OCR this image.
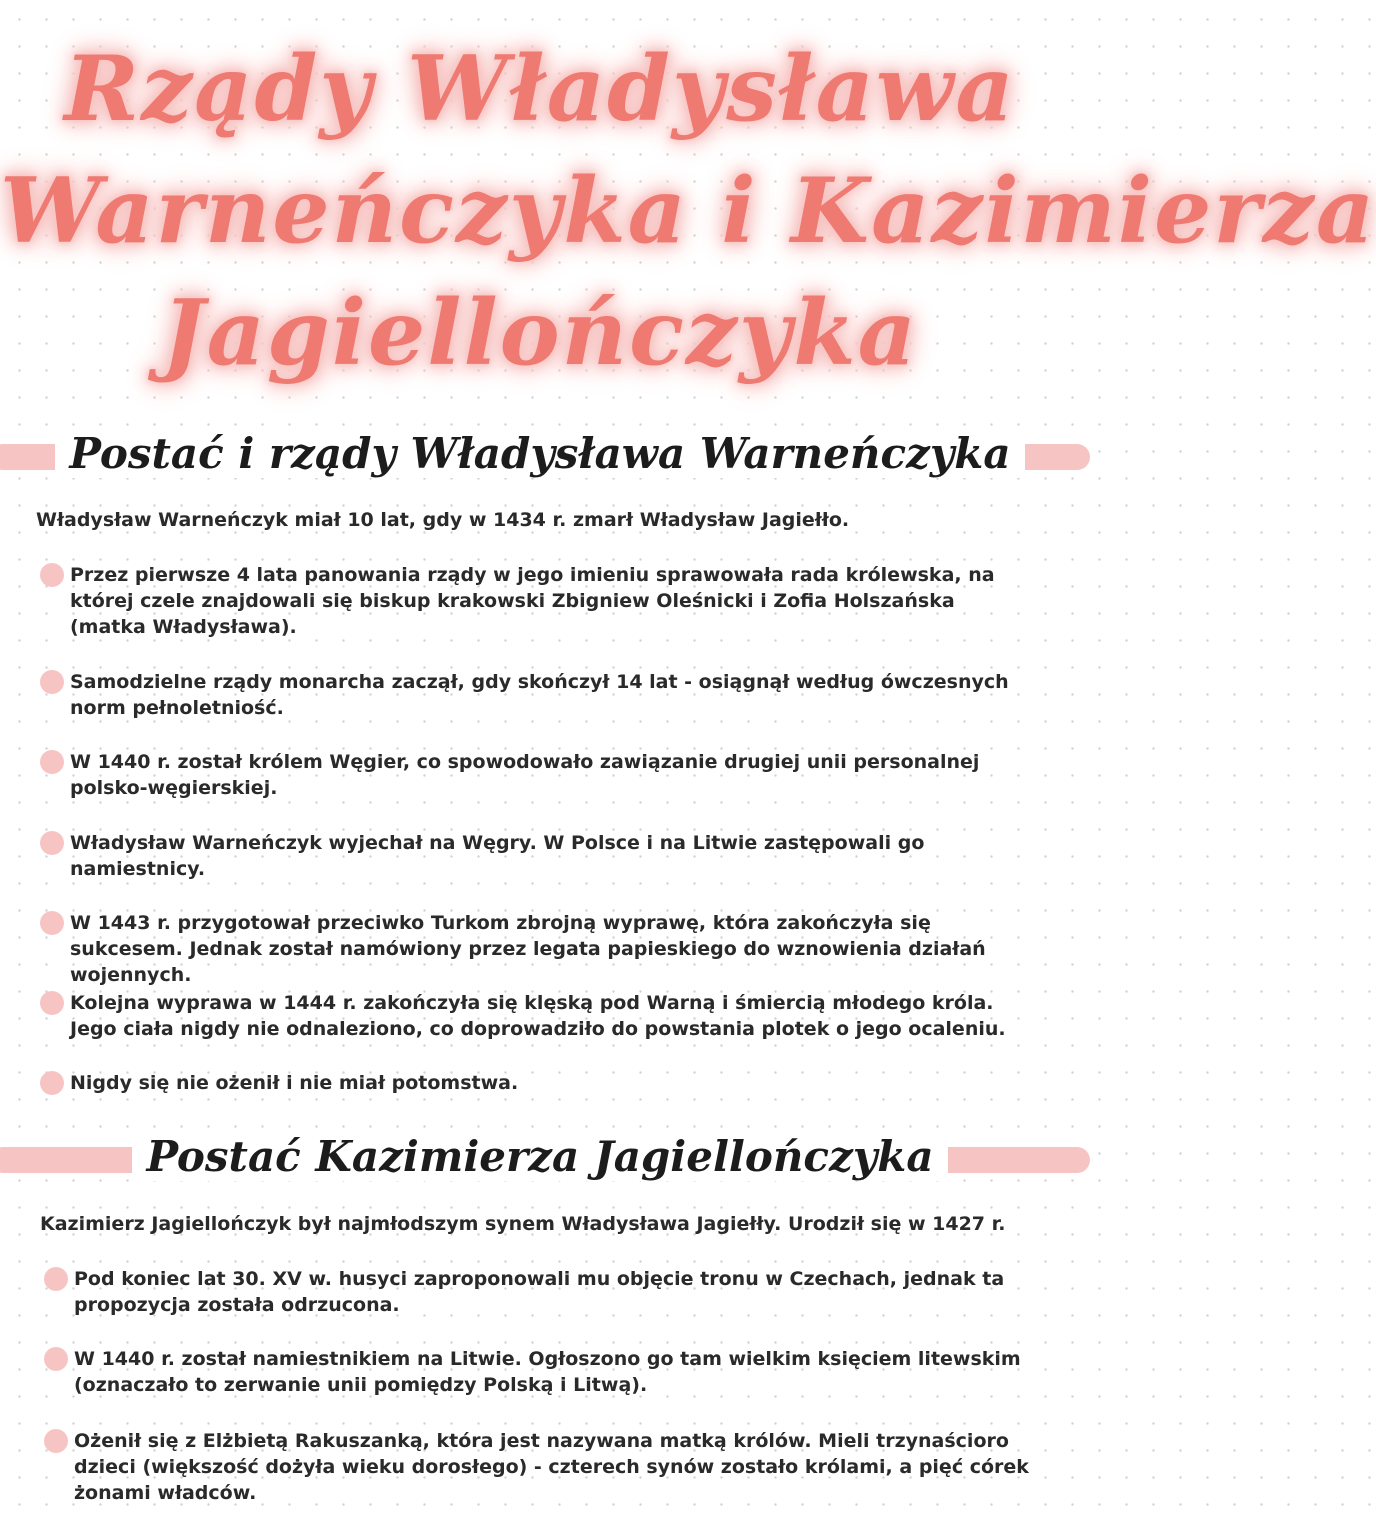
Rządy Władysława
Warneńczyka i Kazimierza
Jagiellończyka
Postać i rządy Władysława Warneńczyka

Władysław Warneńczyk miał 10 lat, gdy w 1434 r. zmarł Władysław Jagiełło.

Przez pierwsze 4 lata panowania rządy w jego imieniu sprawowała rada królewska, na której czele znajdowali się biskup krakowski Zbigniew Oleśnicki i Zofia Holszańska (matka Władysława).
Samodzielne rządy monarcha zaczął, gdy skończył 14 lat - osiągnął według ówczesnych norm pełnoletniość.
W 1440 r. został królem Węgier, co spowodowało zawiązanie drugiej unii personalnej polsko-węgierskiej.
Władysław Warneńczyk wyjechał na Węgry. W Polsce i na Litwie zastępowali go namiestnicy.
W 1443 r. przygotował przeciwko Turkom zbrojną wyprawę, która zakończyła się sukcesem. Jednak został namówiony przez legata papieskiego do wznowienia działań wojennych.
Kolejna wyprawa w 1444 r. zakończyła się klęską pod Warną i śmiercią młodego króla. Jego ciała nigdy nie odnaleziono, co doprowadziło do powstania plotek o jego ocaleniu.
Nigdy się nie ożenił i nie miał potomstwa.
Postać Kazimierza Jagiellończyka

Kazimierz Jagiellończyk był najmłodszym synem Władysława Jagiełły. Urodził się w 1427 r.

Pod koniec lat 30. XV w. husyci zaproponowali mu objęcie tronu w Czechach, jednak ta propozycja została odrzucona.
W 1440 r. został namiestnikiem na Litwie. Ogłoszono go tam wielkim księciem litewskim (oznaczało to zerwanie unii pomiędzy Polską i Litwą).
Ożenił się z Elżbietą Rakuszanką, która jest nazywana matką królów. Mieli trzynaścioro dzieci (większość dożyła wieku dorosłego) - czterech synów zostało królami, a pięć córek żonami władców.
